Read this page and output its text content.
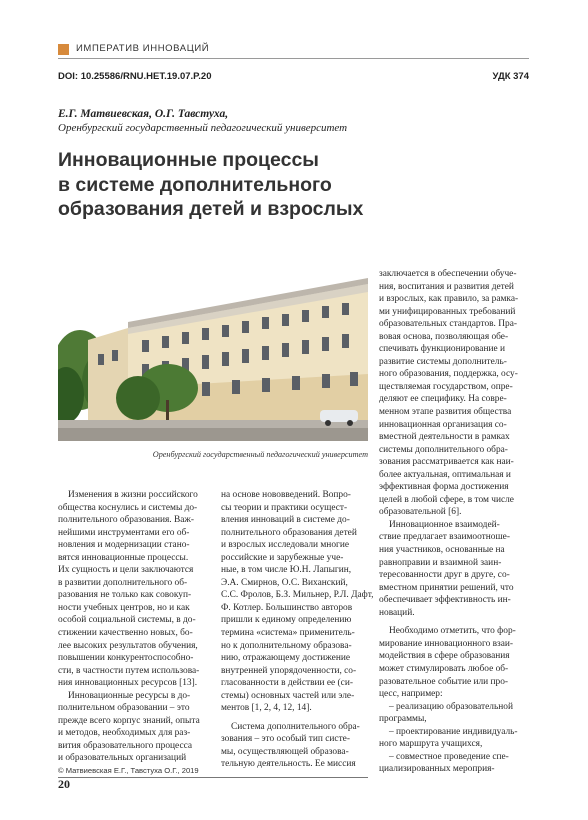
ИМПЕРАТИВ ИННОВАЦИЙ
DOI: 10.25586/RNU.HET.19.07.P.20	УДК 374
Е.Г. Матвиевская, О.Г. Тавстуха,
Оренбургский государственный педагогический университет
Инновационные процессы
в системе дополнительного
образования детей и взрослых
Оренбургский государственный педагогический университет

Изменения в жизни российского

общества коснулись и системы до-

полнительного образования. Важ-

нейшими инструментами его об-

новления и модернизации стано-

вятся инновационные процессы.

Их сущность и цели заключаются

в развитии дополнительного об-

разования не только как совокуп-

ности учебных центров, но и как

особой социальной системы, в до-

стижении качественно новых, бо-

лее высоких результатов обучения,

повышении конкурентоспособно-

сти, в частности путем использова-

ния инновационных ресурсов [13].

Инновационные ресурсы в до-

полнительном образовании – это

прежде всего корпус знаний, опыта

и методов, необходимых для раз-

вития образовательного процесса

и образовательных организаций

на основе нововведений. Вопро-

сы теории и практики осущест-

вления инноваций в системе до-

полнительного образования детей

и взрослых исследовали многие

российские и зарубежные уче-

ные, в том числе Ю.Н. Лапыгин,

Э.А. Смирнов, О.С. Виханский,

С.С. Фролов, Б.З. Мильнер, Р.Л. Дафт,

Ф. Котлер. Большинство авторов

пришли к единому определению

термина «система» применитель-

но к дополнительному образова-

нию, отражающему достижение

внутренней упорядоченности, со-

гласованности в действии ее (си-

стемы) основных частей или эле-

ментов [1, 2, 4, 12, 14].

Система дополнительного обра-

зования – это особый тип систе-

мы, осуществляющей образова-

тельную деятельность. Ее миссия

заключается в обеспечении обуче-

ния, воспитания и развития детей

и взрослых, как правило, за рамка-

ми унифицированных требований

образовательных стандартов. Пра-

вовая основа, позволяющая обе-

спечивать функционирование и

развитие системы дополнитель-

ного образования, поддержка, осу-

ществляемая государством, опре-

деляют ее специфику. На совре-

менном этапе развития общества

инновационная организация со-

вместной деятельности в рамках

системы дополнительного обра-

зования рассматривается как наи-

более актуальная, оптимальная и

эффективная форма достижения

целей в любой сфере, в том числе

образовательной [6].

Инновационное взаимодей-

ствие предлагает взаимоотноше-

ния участников, основанные на

равноправии и взаимной заин-

тересованности друг в друге, со-

вместном принятии решений, что

обеспечивает эффективность ин-

новаций.

Необходимо отметить, что фор-

мирование инновационного взаи-

модействия в сфере образования

может стимулировать любое об-

разовательное событие или про-

цесс, например:

– реализацию образовательной

программы,

– проектирование индивидуаль-

ного маршрута учащихся,

– совместное проведение спе-

циализированных мероприя-

© Матвиевская Е.Г., Тавстуха О.Г., 2019
20
